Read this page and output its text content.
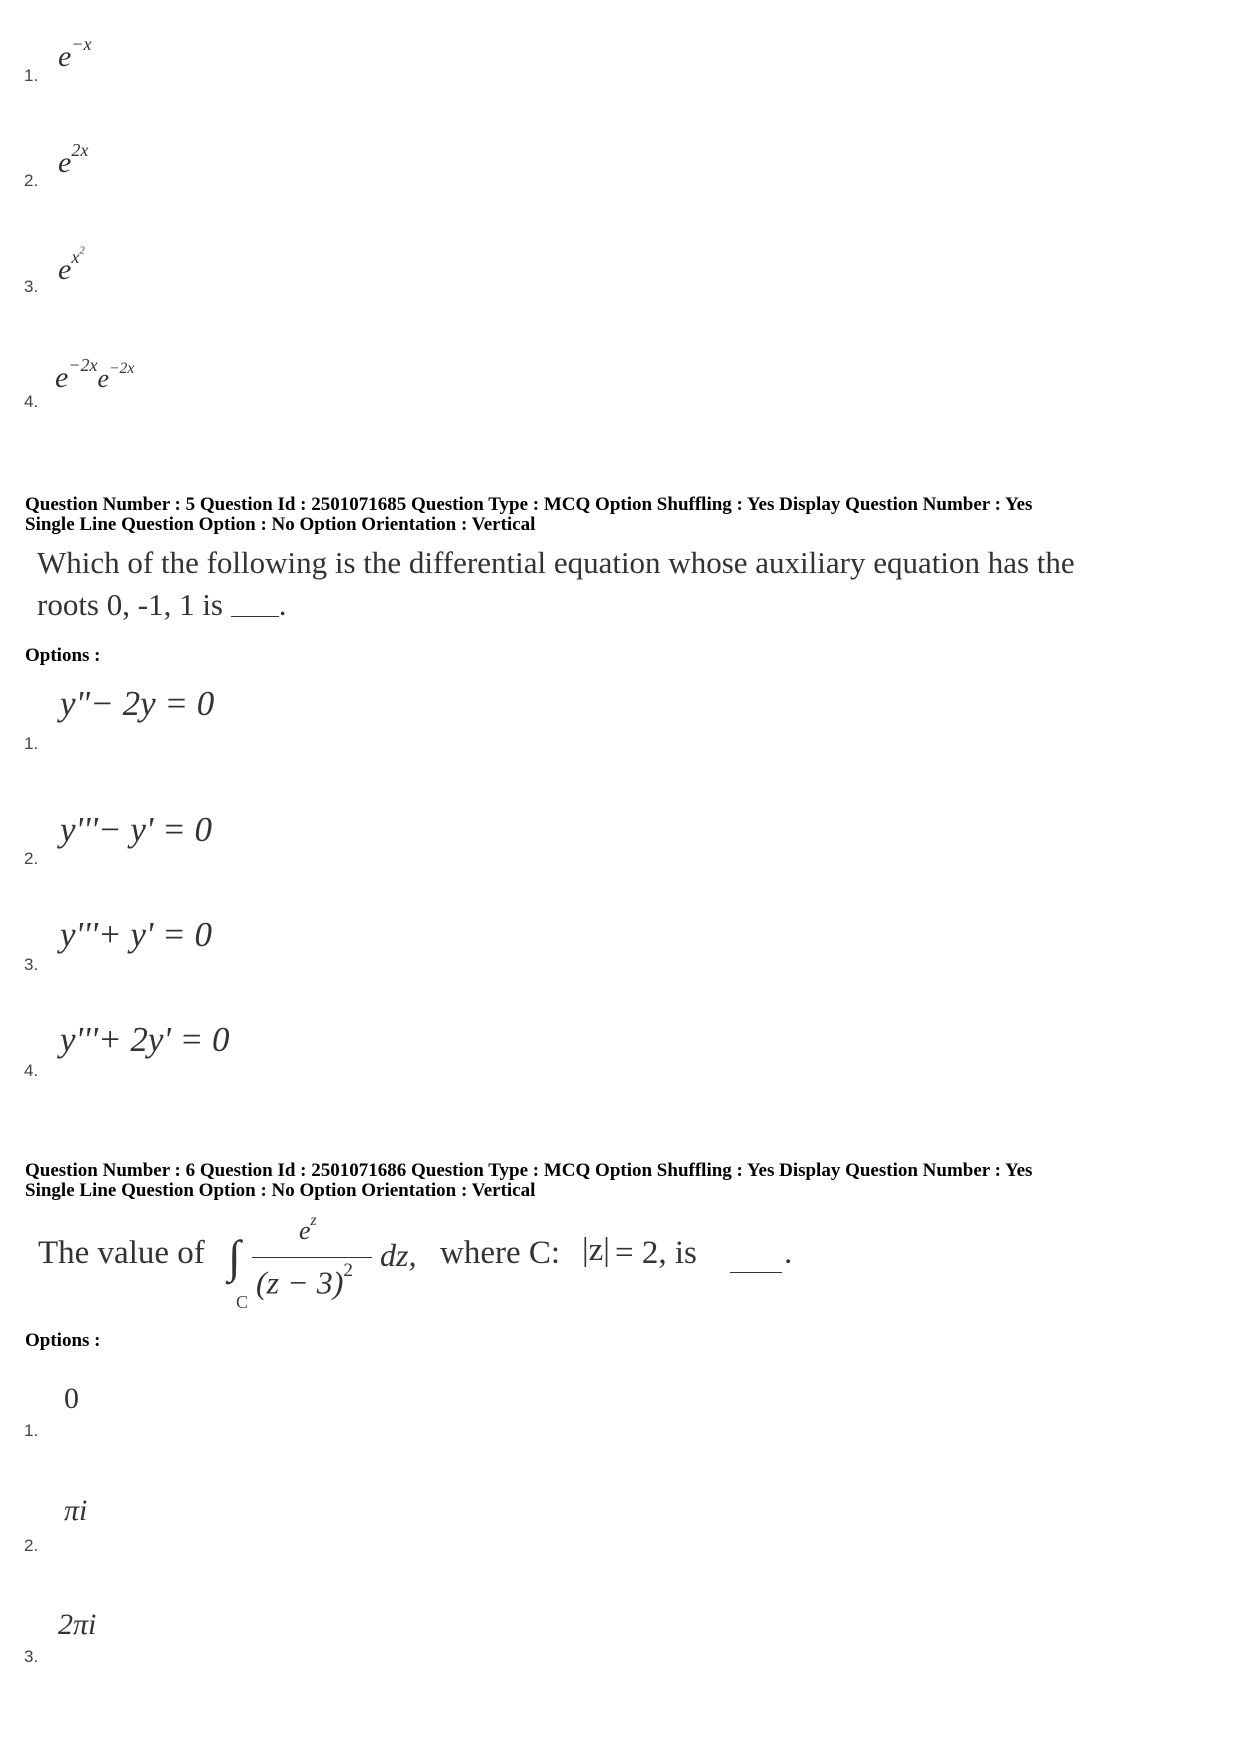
1.
$e^{-x}$
2.
$e^{2x}$
3.
$e^{x^2}$
4.
$e^{-2x}e^{-2x}$
Question Number : 5 Question Id : 2501071685 Question Type : MCQ Option Shuffling : Yes Display Question Number : Yes
Single Line Question Option : No Option Orientation : Vertical
Which of the following is the differential equation whose auxiliary equation has the
roots 0, -1, 1 is .
Options :
1.
y"− 2y = 0
2.
y'''− y' = 0
3.
y'''+ y' = 0
4.
y'''+ 2y' = 0
Question Number : 6 Question Id : 2501071686 Question Type : MCQ Option Shuffling : Yes Display Question Number : Yes
Single Line Question Option : No Option Orientation : Vertical
The value of ∫
C
$e^z$
$(z - 3)^2$ dz, where C: |z| = 2, is	.
Options :
1.
0
2.
πi
3.
2πi
